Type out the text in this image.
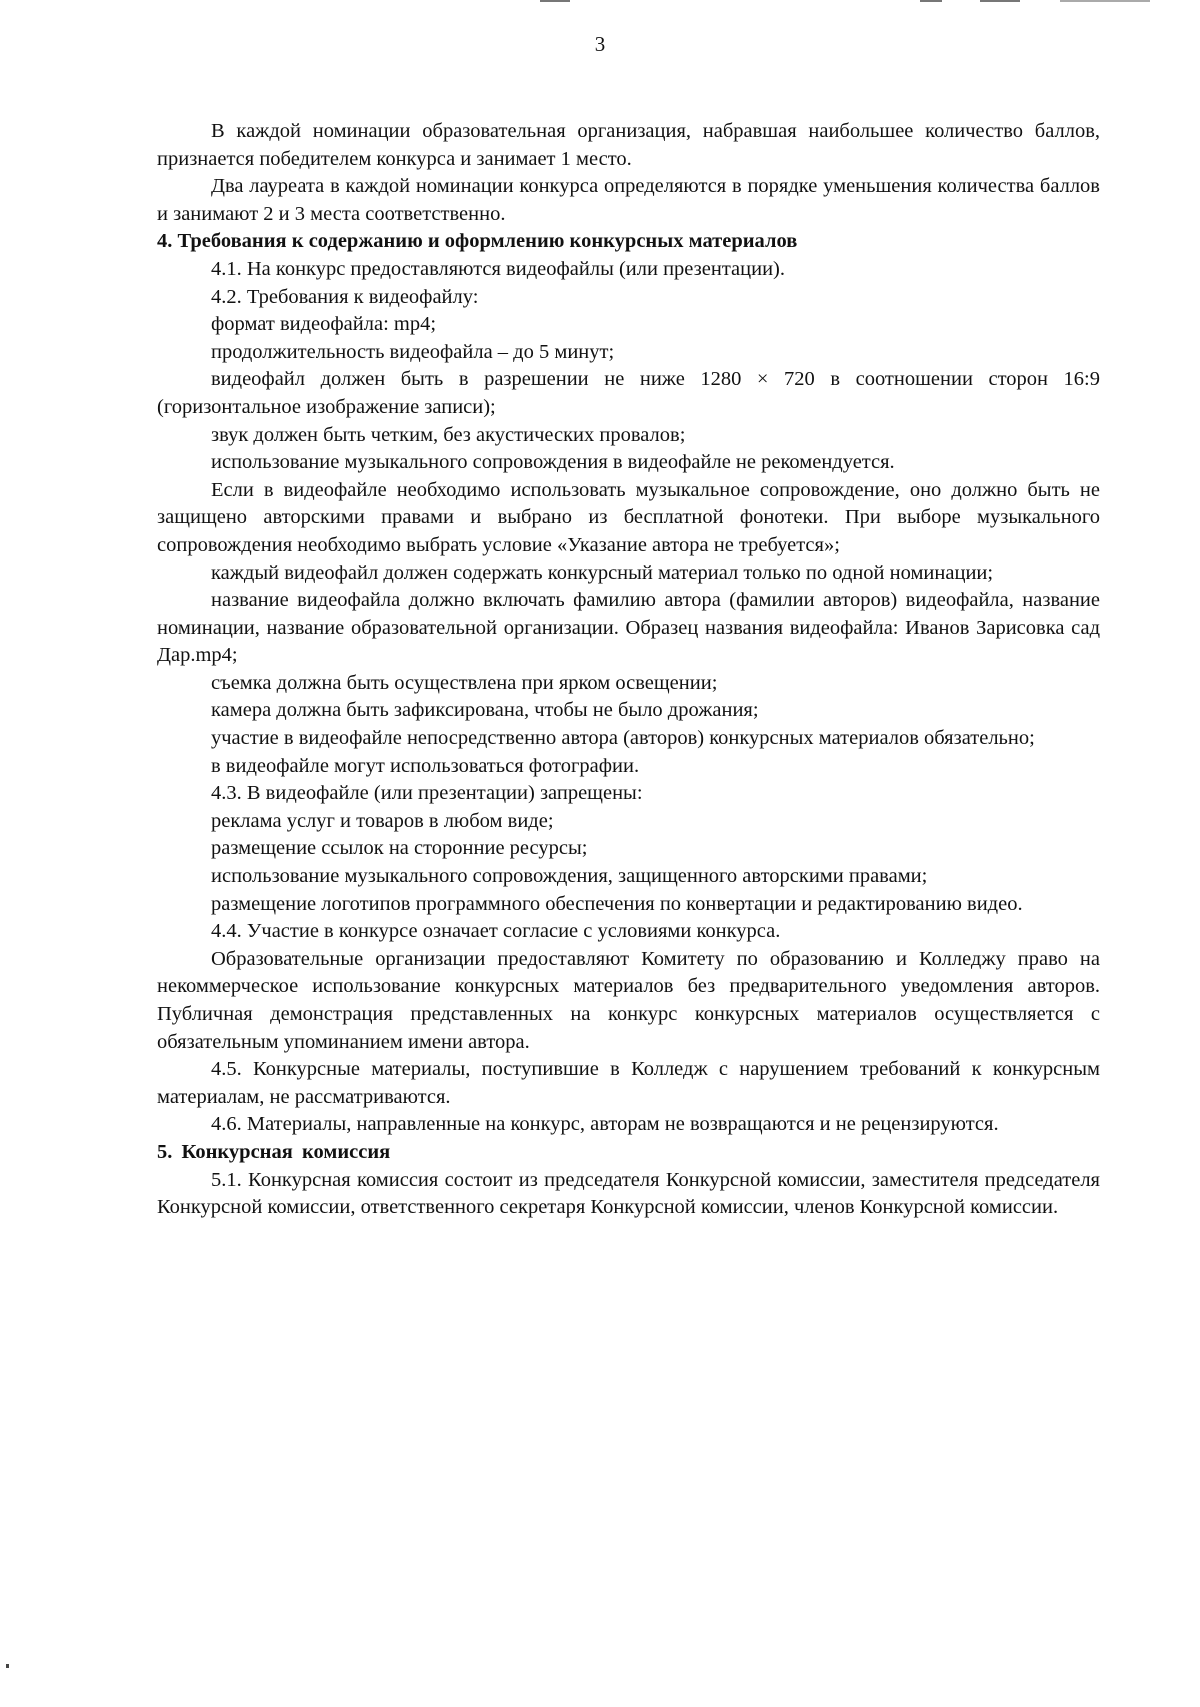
3

В каждой номинации образовательная организация, набравшая наибольшее количество баллов, признается победителем конкурса и занимает 1 место.

Два лауреата в каждой номинации конкурса определяются в порядке уменьшения количества баллов и занимают 2 и 3 места соответственно.

4. Требования к содержанию и оформлению конкурсных материалов

4.1. На конкурс предоставляются видеофайлы (или презентации).

4.2. Требования к видеофайлу:

формат видеофайла: mp4;

продолжительность видеофайла – до 5 минут;

видеофайл должен быть в разрешении не ниже 1280 × 720 в соотношении сторон 16:9 (горизонтальное изображение записи);

звук должен быть четким, без акустических провалов;

использование музыкального сопровождения в видеофайле не рекомендуется.

Если в видеофайле необходимо использовать музыкальное сопровождение, оно должно быть не защищено авторскими правами и выбрано из бесплатной фонотеки. При выборе музыкального сопровождения необходимо выбрать условие «Указание автора не требуется»;

каждый видеофайл должен содержать конкурсный материал только по одной номинации;

название видеофайла должно включать фамилию автора (фамилии авторов) видеофайла, название номинации, название образовательной организации. Образец названия видеофайла: Иванов Зарисовка сад Дар.mp4;

съемка должна быть осуществлена при ярком освещении;

камера должна быть зафиксирована, чтобы не было дрожания;

участие в видеофайле непосредственно автора (авторов) конкурсных материалов обязательно;

в видеофайле могут использоваться фотографии.

4.3. В видеофайле (или презентации) запрещены:

реклама услуг и товаров в любом виде;

размещение ссылок на сторонние ресурсы;

использование музыкального сопровождения, защищенного авторскими правами;

размещение логотипов программного обеспечения по конвертации и редактированию видео.

4.4. Участие в конкурсе означает согласие с условиями конкурса.

Образовательные организации предоставляют Комитету по образованию и Колледжу право на некоммерческое использование конкурсных материалов без предварительного уведомления авторов. Публичная демонстрация представленных на конкурс конкурсных материалов осуществляется с обязательным упоминанием имени автора.

4.5. Конкурсные материалы, поступившие в Колледж с нарушением требований к конкурсным материалам, не рассматриваются.

4.6. Материалы, направленные на конкурс, авторам не возвращаются и не рецензируются.

5. Конкурсная комиссия

5.1. Конкурсная комиссия состоит из председателя Конкурсной комиссии, заместителя председателя Конкурсной комиссии, ответственного секретаря Конкурсной комиссии, членов Конкурсной комиссии.
